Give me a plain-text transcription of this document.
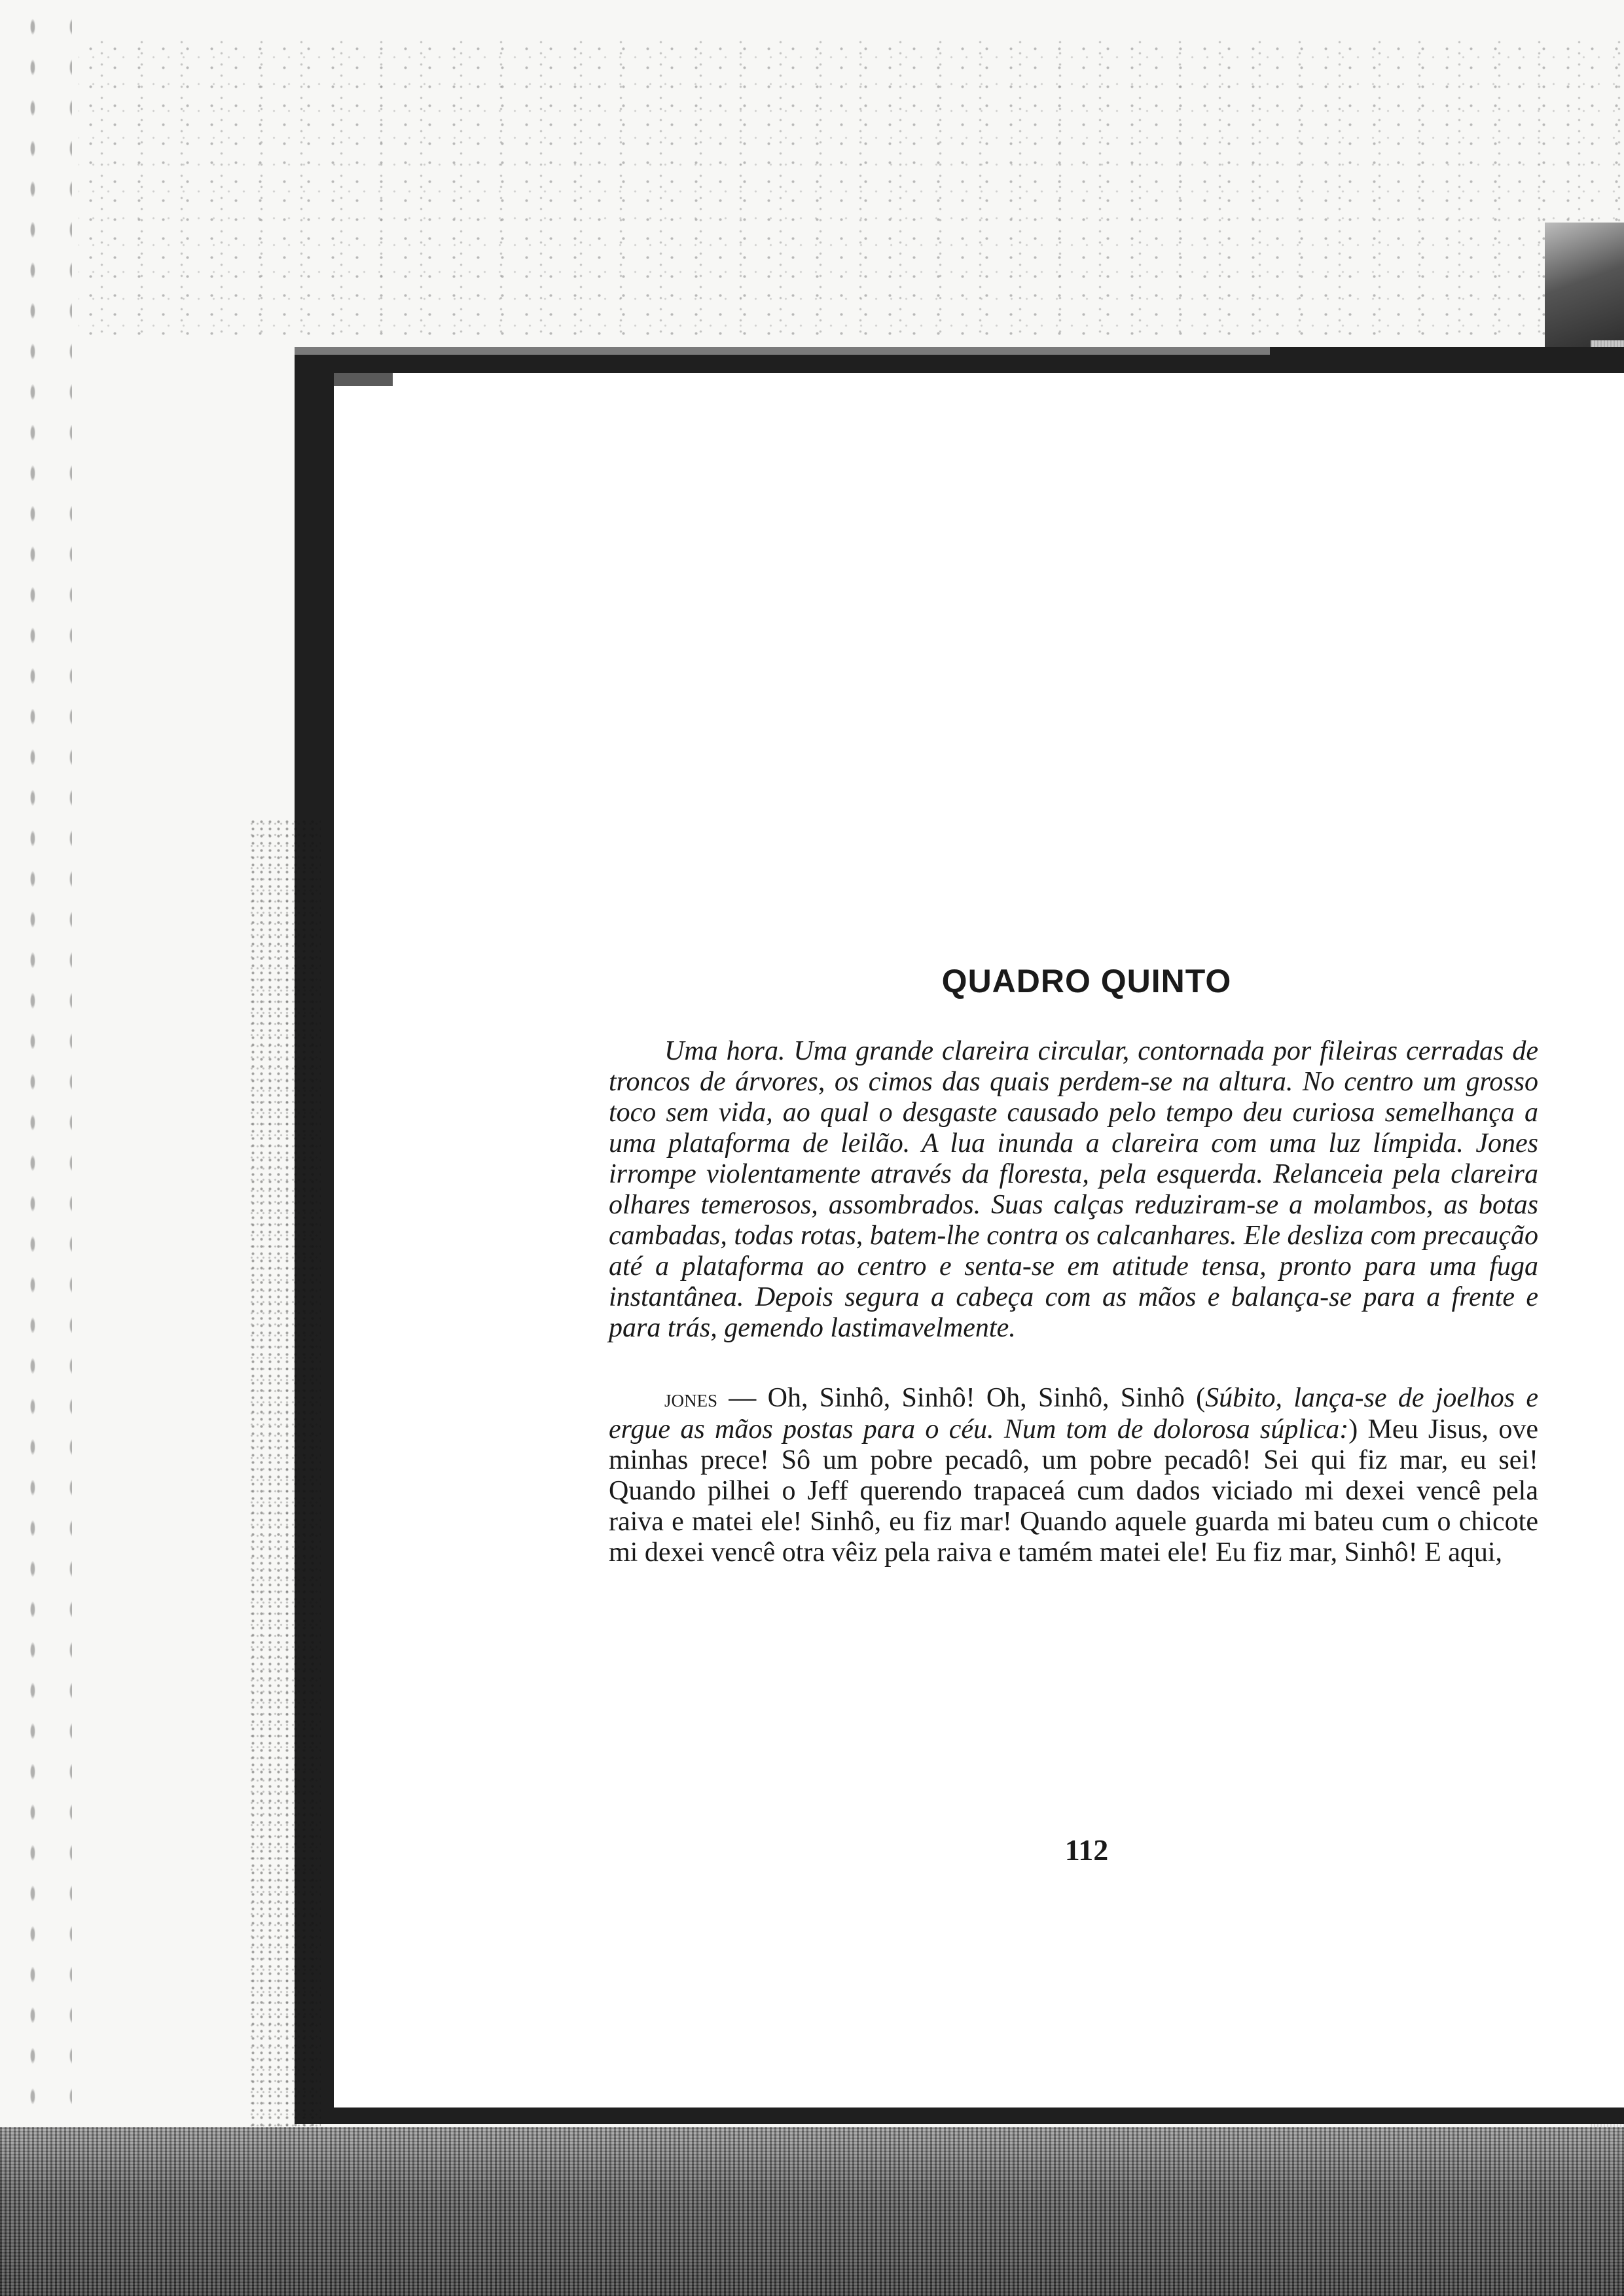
QUADRO QUINTO

Uma hora. Uma grande clareira circular, contornada por fileiras cerradas de troncos de árvores, os cimos das quais perdem-se na altura. No centro um grosso toco sem vida, ao qual o desgaste causado pelo tempo deu curiosa semelhança a uma plataforma de leilão. A lua inunda a clareira com uma luz límpida. Jones irrompe violentamente através da floresta, pela esquerda. Relanceia pela clareira olhares temerosos, assombrados. Suas calças reduziram-se a molambos, as botas cambadas, todas rotas, batem-lhe contra os calcanhares. Ele desliza com precaução até a plataforma ao centro e senta-se em atitude tensa, pronto para uma fuga instantânea. Depois segura a cabeça com as mãos e balança-se para a frente e para trás, gemendo lastimavelmente.

jones — Oh, Sinhô, Sinhô! Oh, Sinhô, Sinhô (Súbito, lança-se de joelhos e ergue as mãos postas para o céu. Num tom de dolorosa súplica:) Meu Jisus, ove minhas prece! Sô um pobre pecadô, um pobre pecadô! Sei qui fiz mar, eu sei! Quando pilhei o Jeff querendo trapaceá cum dados viciado mi dexei vencê pela raiva e matei ele! Sinhô, eu fiz mar! Quando aquele guarda mi bateu cum o chicote mi dexei vencê otra vêiz pela raiva e tamém matei ele! Eu fiz mar, Sinhô! E aqui,

112
